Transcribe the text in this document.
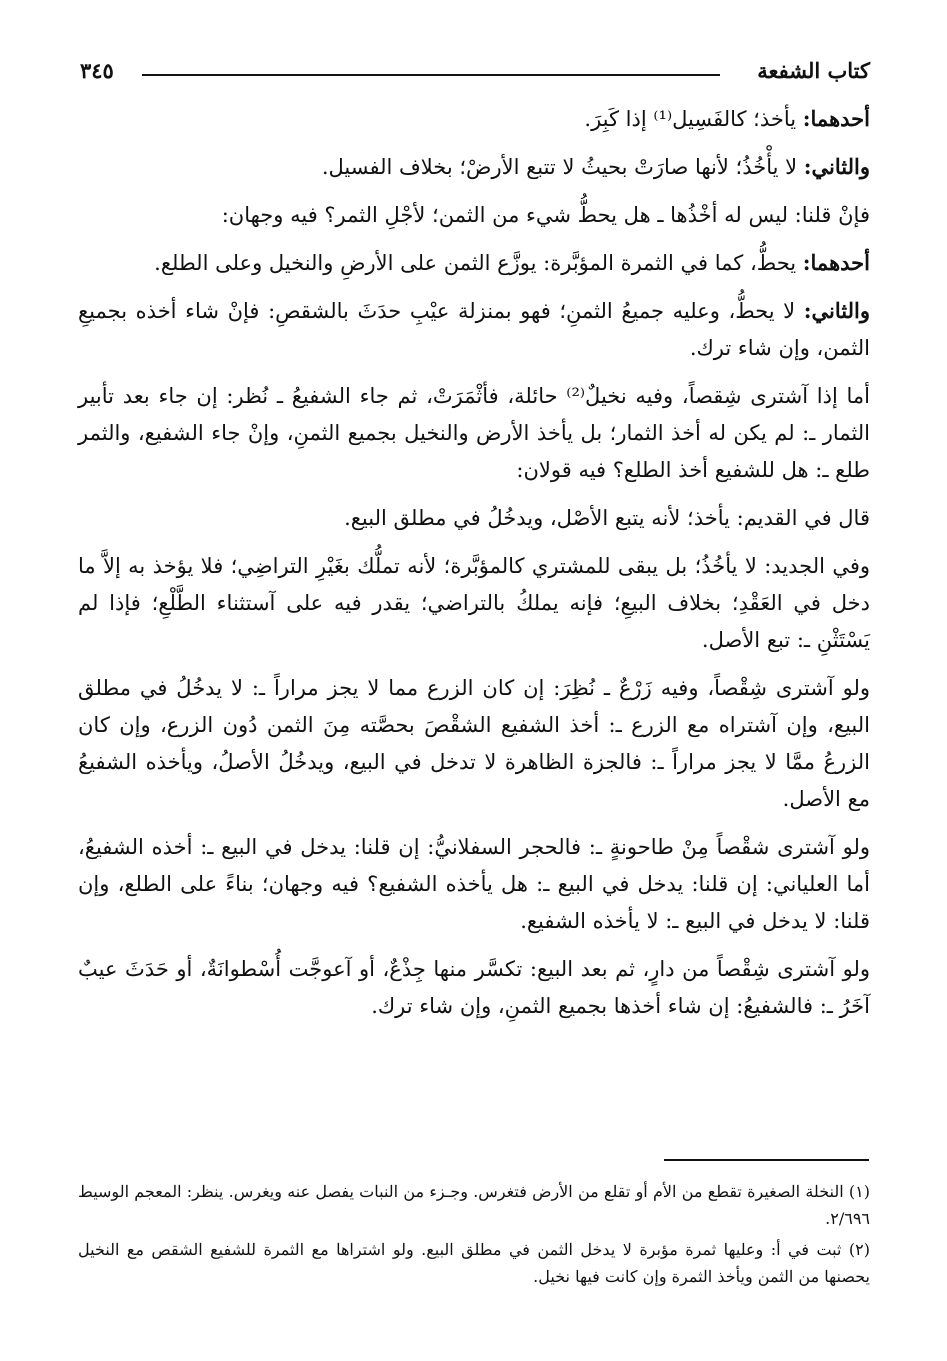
كتاب الشفعة
٣٤٥

أحدهما: يأخذ؛ كالفَسِيل⁽¹⁾ إذا كَبِرَ.

والثاني: لا يأْخُذُ؛ لأنها صارَتْ بحيثُ لا تتبع الأرضْ؛ بخلاف الفسيل.

فإنْ قلنا: ليس له أخْذُها ـ هل يحطُّ شيء من الثمن؛ لأجْلِ الثمر؟ فيه وجهان:

أحدهما: يحطُّ، كما في الثمرة المؤبَّرة: يوزَّع الثمن على الأرضِ والنخيل وعلى الطلع.

والثاني: لا يحطُّ، وعليه جميعُ الثمنِ؛ فهو بمنزلة عيْبِ حدَثَ بالشقصِ: فإنْ شاء أخذه بجميعِ الثمن، وإن شاء ترك.

أما إذا آشترى شِقصاً، وفيه نخيلٌ⁽²⁾ حائلة، فأثْمَرَتْ، ثم جاء الشفيعُ ـ نُظر: إن جاء بعد تأبير الثمار ـ: لم يكن له أخذ الثمار؛ بل يأخذ الأرض والنخيل بجميع الثمنِ، وإنْ جاء الشفيع، والثمر طلع ـ: هل للشفيع أخذ الطلع؟ فيه قولان:

قال في القديم: يأخذ؛ لأنه يتبع الأصْل، ويدخُلُ في مطلق البيع.

وفي الجديد: لا يأخُذُ؛ بل يبقى للمشتري كالمؤبَّرة؛ لأنه تملُّك بغَيْرِ التراضِي؛ فلا يؤخذ به إلاَّ ما دخل في العَقْدِ؛ بخلاف البيعِ؛ فإنه يملكُ بالتراضي؛ يقدر فيه على آستثناء الطَّلْعِ؛ فإذا لم يَسْتَثْنِ ـ: تبع الأصل.

ولو آشترى شِقْصاً، وفيه زَرْعٌ ـ نُظِرَ: إن كان الزرع مما لا يجز مراراً ـ: لا يدخُلُ في مطلق البيع، وإن آشتراه مع الزرع ـ: أخذ الشفيع الشقْصَ بحصَّته مِنَ الثمن دُون الزرع، وإن كان الزرعُ ممَّا لا يجز مراراً ـ: فالجزة الظاهرة لا تدخل في البيع، ويدخُلُ الأصلُ، ويأخذه الشفيعُ مع الأصل.

ولو آشترى شقْصاً مِنْ طاحونةٍ ـ: فالحجر السفلانيُّ: إن قلنا: يدخل في البيع ـ: أخذه الشفيعُ، أما العلياني: إن قلنا: يدخل في البيع ـ: هل يأخذه الشفيع؟ فيه وجهان؛ بناءً على الطلع، وإن قلنا: لا يدخل في البيع ـ: لا يأخذه الشفيع.

ولو آشترى شِقْصاً من دارٍ، ثم بعد البيع: تكسَّر منها جِذْعٌ، أو آعوجَّت أُسْطوانَةٌ، أو حَدَثَ عيبٌ آخَرُ ـ: فالشفيعُ: إن شاء أخذها بجميع الثمنِ، وإن شاء ترك.

(١) النخلة الصغيرة تقطع من الأم أو تقلع من الأرض فتغرس. وجـزء من النبات يفصل عنه ويغرس. ينظر: المعجم الوسيط ٢/٦٩٦.

(٢) ثبت في أ: وعليها ثمرة مؤبرة لا يدخل الثمن في مطلق البيع. ولو اشتراها مع الثمرة للشفيع الشقص مع النخيل يحصنها من الثمن ويأخذ الثمرة وإن كانت فيها نخيل.
